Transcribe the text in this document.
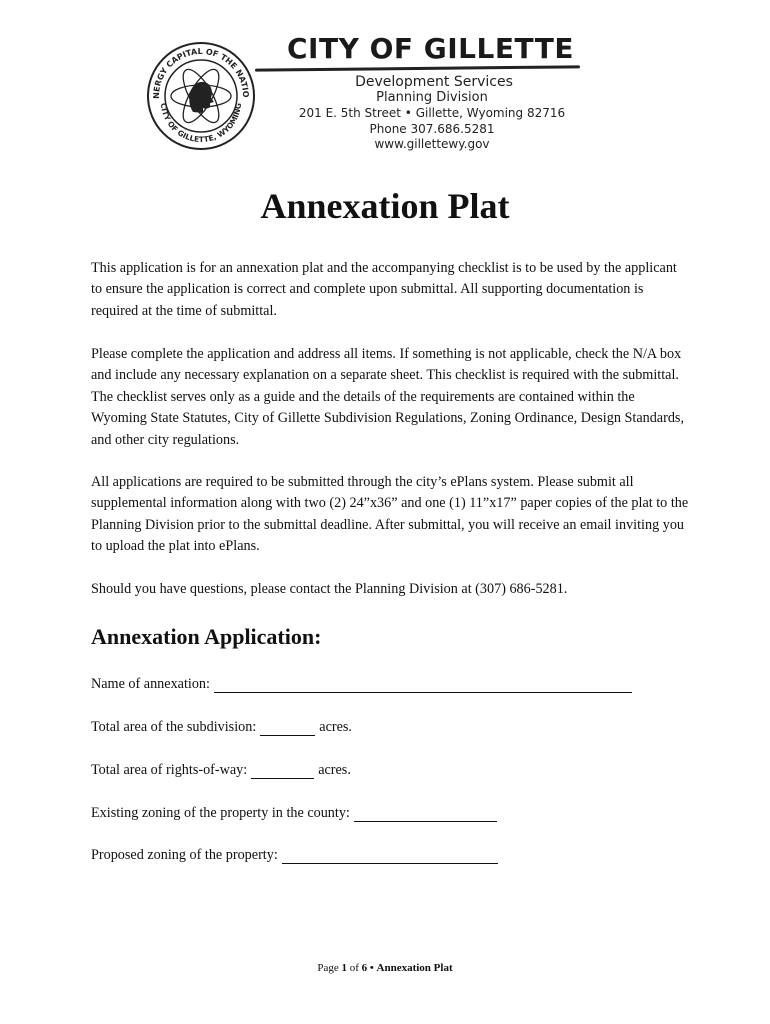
NERGY CAPITAL OF THE NATIO
CITY OF GILLETTE, WYOMING
CITY OF GILLETTE
Development Services
Planning Division
201 E. 5th Street • Gillette, Wyoming 82716
Phone 307.686.5281
www.gillettewy.gov
Annexation Plat

This application is for an annexation plat and the accompanying checklist is to be used by the applicant to ensure the application is correct and complete upon submittal. All supporting documentation is required at the time of submittal.

Please complete the application and address all items. If something is not applicable, check the N/A box and include any necessary explanation on a separate sheet. This checklist is required with the submittal. The checklist serves only as a guide and the details of the requirements are contained within the Wyoming State Statutes, City of Gillette Subdivision Regulations, Zoning Ordinance, Design Standards, and other city regulations.

All applications are required to be submitted through the city’s ePlans system. Please submit all supplemental information along with two (2) 24”x36” and one (1) 11”x17” paper copies of the plat to the Planning Division prior to the submittal deadline. After submittal, you will receive an email inviting you to upload the plat into ePlans.

Should you have questions, please contact the Planning Division at (307) 686-5281.

Annexation Application:
Name of annexation:
Total area of the subdivision:	acres.
Total area of rights-of-way:	acres.
Existing zoning of the property in the county:
Proposed zoning of the property:
Page 1 of 6 • Annexation Plat
